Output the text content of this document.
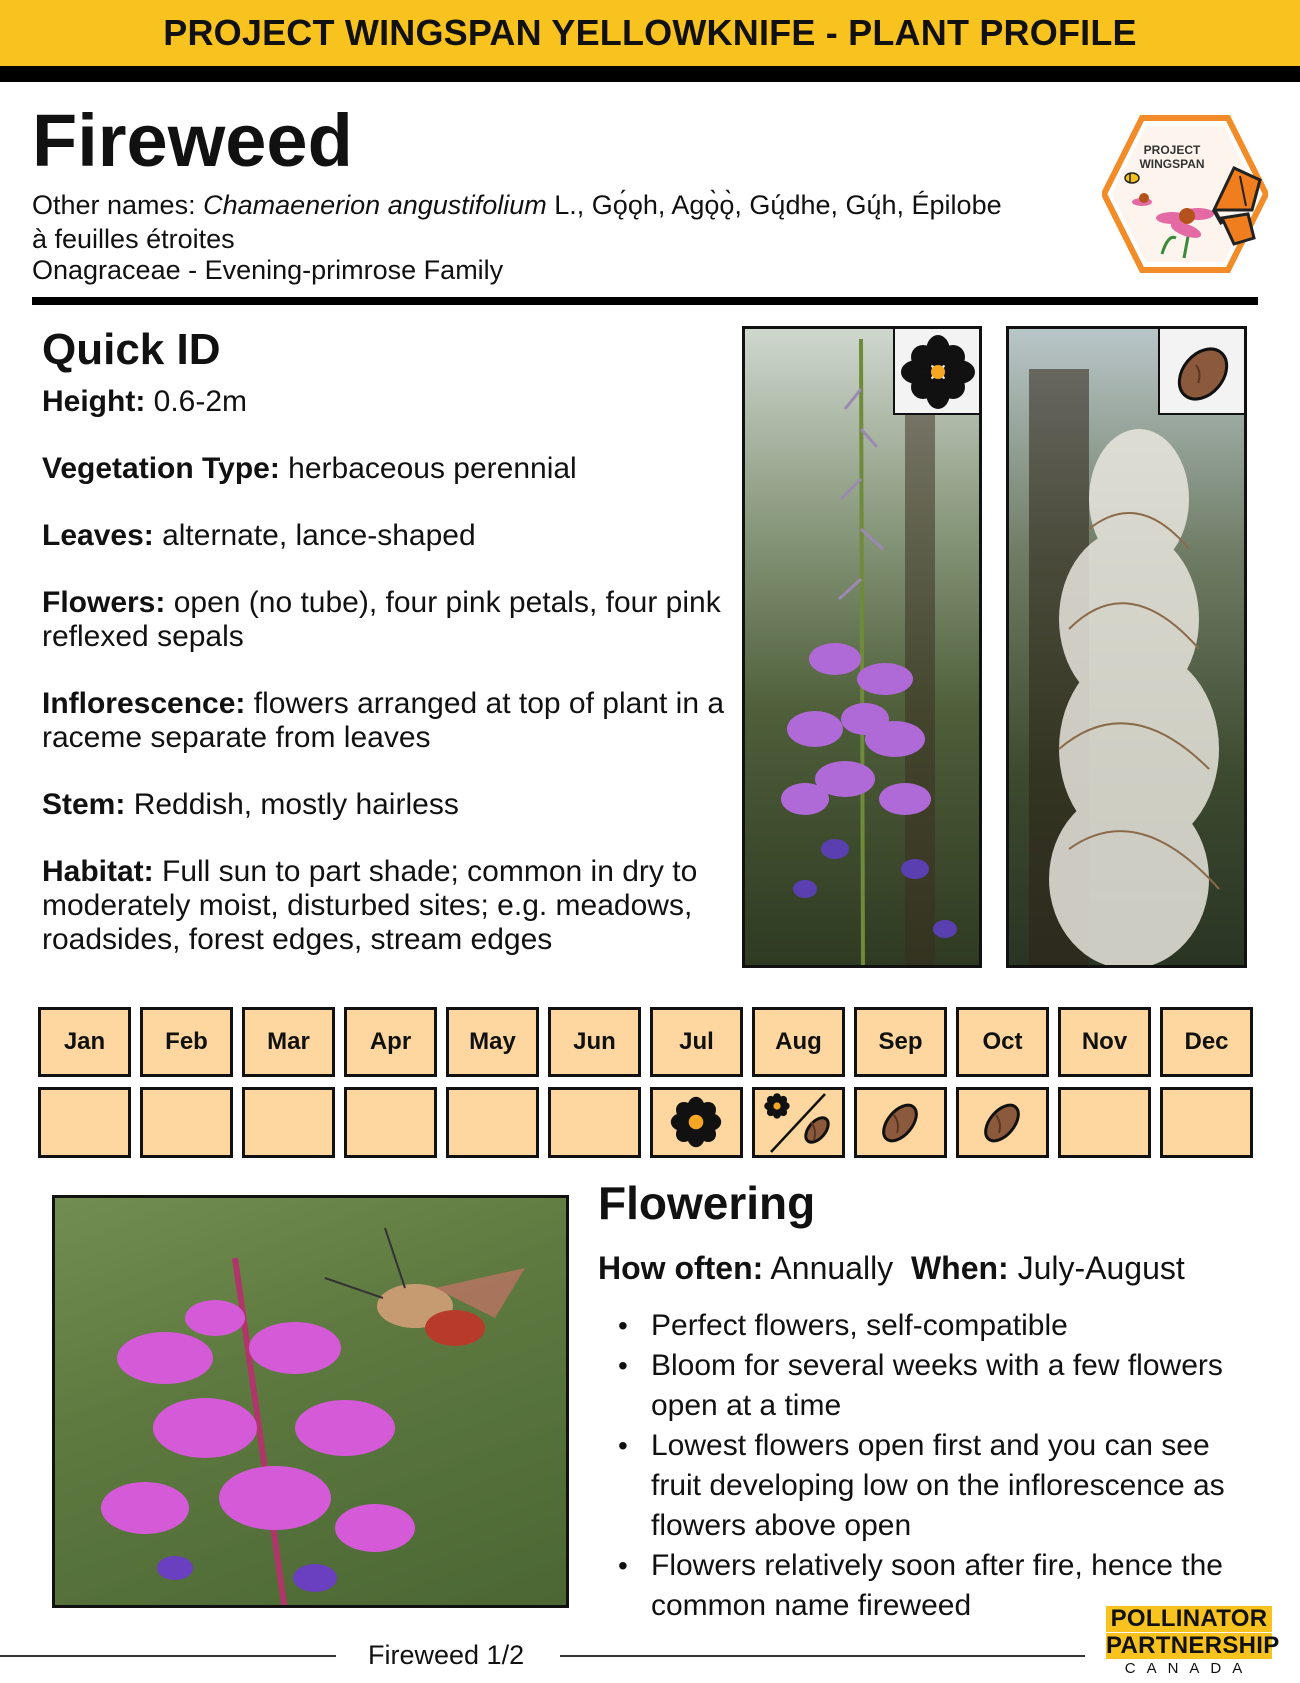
PROJECT WINGSPAN YELLOWKNIFE - PLANT PROFILE
Fireweed
Other names: Chamaenerion angustifolium L., Gǫ́ǫh, Agǫ̀ǫ̀, Gų́dhe, Gų́h, Épilobe à feuilles étroites
Onagraceae - Evening-primrose Family
PROJECT
WINGSPAN
Quick ID

Height: 0.6-2m

Vegetation Type: herbaceous perennial

Leaves: alternate, lance-shaped

Flowers: open (no tube), four pink petals, four pink reflexed sepals

Inflorescence: flowers arranged at top of plant in a raceme separate from leaves

Stem: Reddish, mostly hairless

Habitat: Full sun to part shade; common in dry to moderately moist, disturbed sites; e.g. meadows, roadsides, forest edges, stream edges

Jan Feb Mar Apr May Jun	Jul	Aug Sep Oct Nov Dec
Flowering
How often: Annually When: July-August
• Perfect flowers, self-compatible
• Bloom for several weeks with a few flowers open at a time
• Lowest flowers open first and you can see fruit developing low on the inflorescence as flowers above open
• Flowers relatively soon after fire, hence the common name fireweed
Fireweed 1/2
POLLINATOR
PARTNERSHIP
CANADA
